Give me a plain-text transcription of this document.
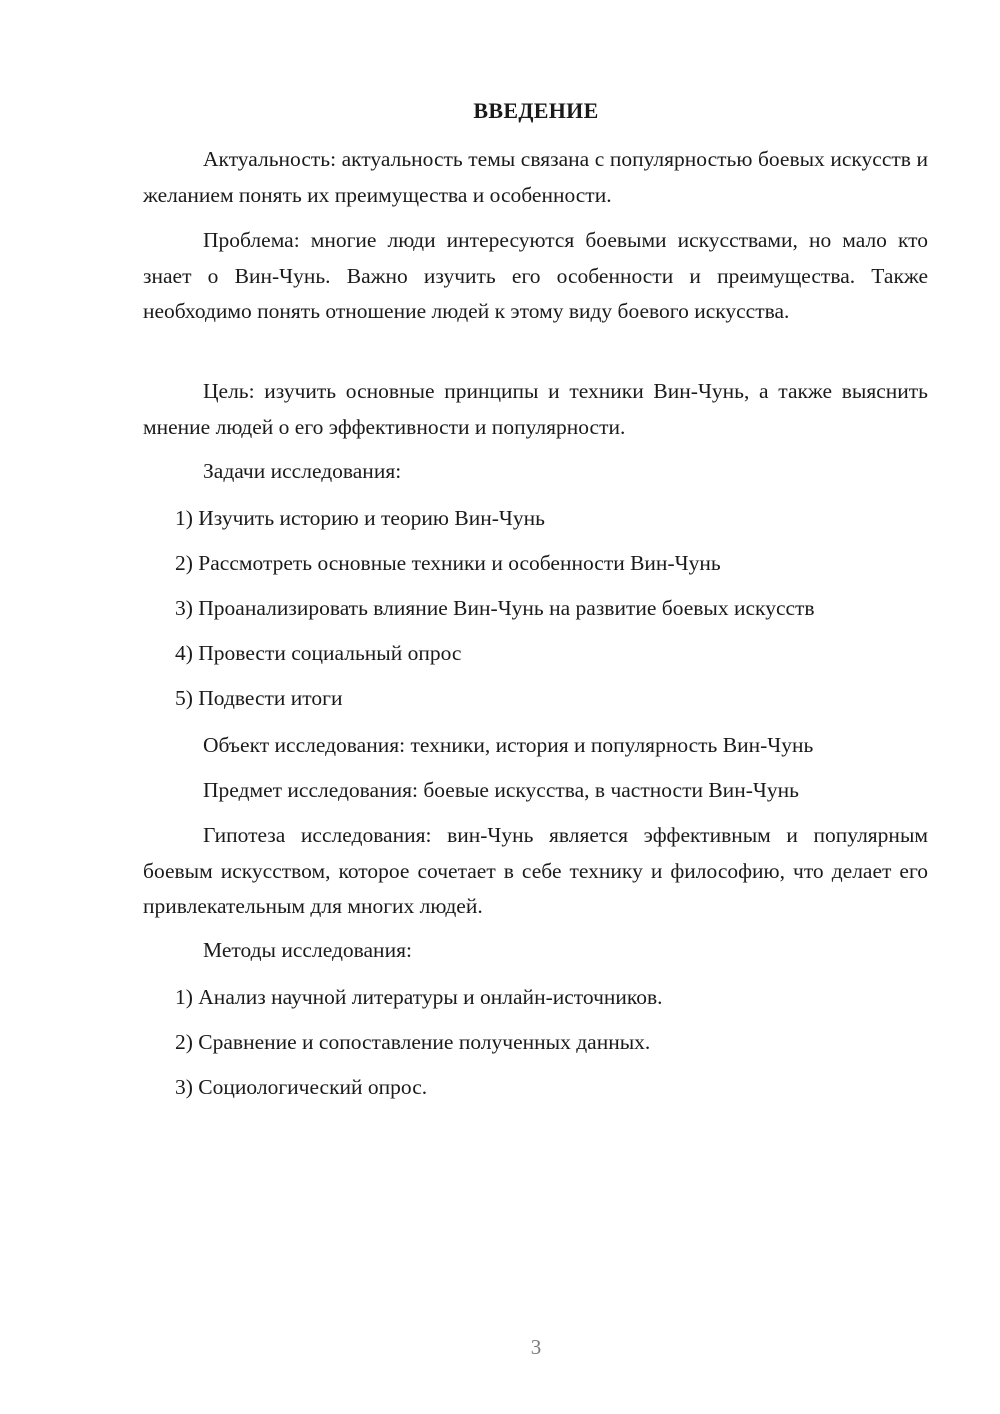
ВВЕДЕНИЕ

Актуальность: актуальность темы связана с популярностью боевых искусств и желанием понять их преимущества и особенности.

Проблема: многие люди интересуются боевыми искусствами, но мало кто знает о Вин-Чунь. Важно изучить его особенности и преимущества. Также необходимо понять отношение людей к этому виду боевого искусства.

Цель: изучить основные принципы и техники Вин-Чунь, а также выяснить мнение людей о его эффективности и популярности.

Задачи исследования:
1) Изучить историю и теорию Вин-Чунь
2) Рассмотреть основные техники и особенности Вин-Чунь
3) Проанализировать влияние Вин-Чунь на развитие боевых искусств
4) Провести социальный опрос
5) Подвести итоги
Объект исследования: техники, история и популярность Вин-Чунь
Предмет исследования: боевые искусства, в частности Вин-Чунь

Гипотеза исследования: вин-Чунь является эффективным и популярным боевым искусством, которое сочетает в себе технику и философию, что делает его привлекательным для многих людей.

Методы исследования:
1) Анализ научной литературы и онлайн-источников.
2) Сравнение и сопоставление полученных данных.
3) Социологический опрос.
3
